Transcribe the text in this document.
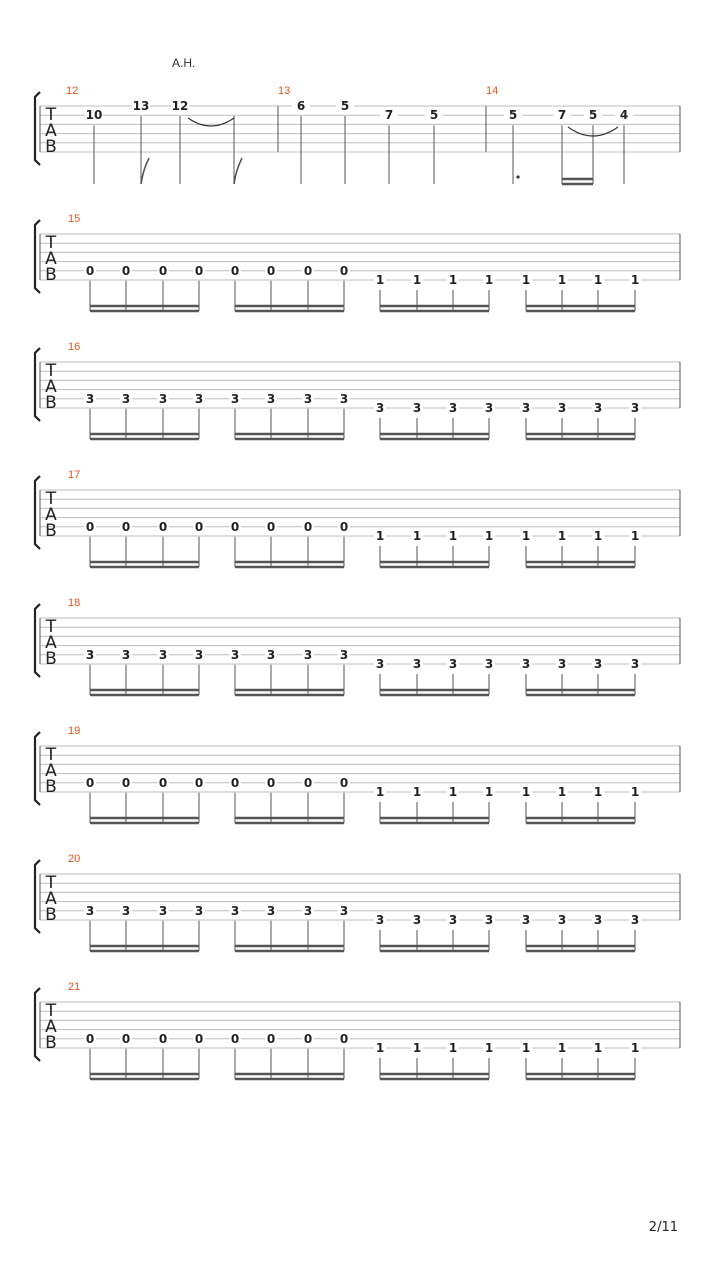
T
A
B
A.H.
12
10
13 12
13
6	5
7	5
14
5	7 5 4
T
A
B
15
0 0 0 0 0 0 0 0
1 1 1 1 1 1 1 1
T
A
B
16
3 3 3 3 3 3 3 3
3 3 3 3 3 3 3 3
T
A
B
17
0 0 0 0 0 0 0 0
1 1 1 1 1 1 1 1
T
A
B
18
3 3 3 3 3 3 3 3
3 3 3 3 3 3 3 3
T
A
B
19
0 0 0 0 0 0 0 0
1 1 1 1 1 1 1 1
T
A
B
20
3 3 3 3 3 3 3 3
3 3 3 3 3 3 3 3
T
A
B
21
0 0 0 0 0 0 0 0
1 1 1 1 1 1 1 1
2/11
